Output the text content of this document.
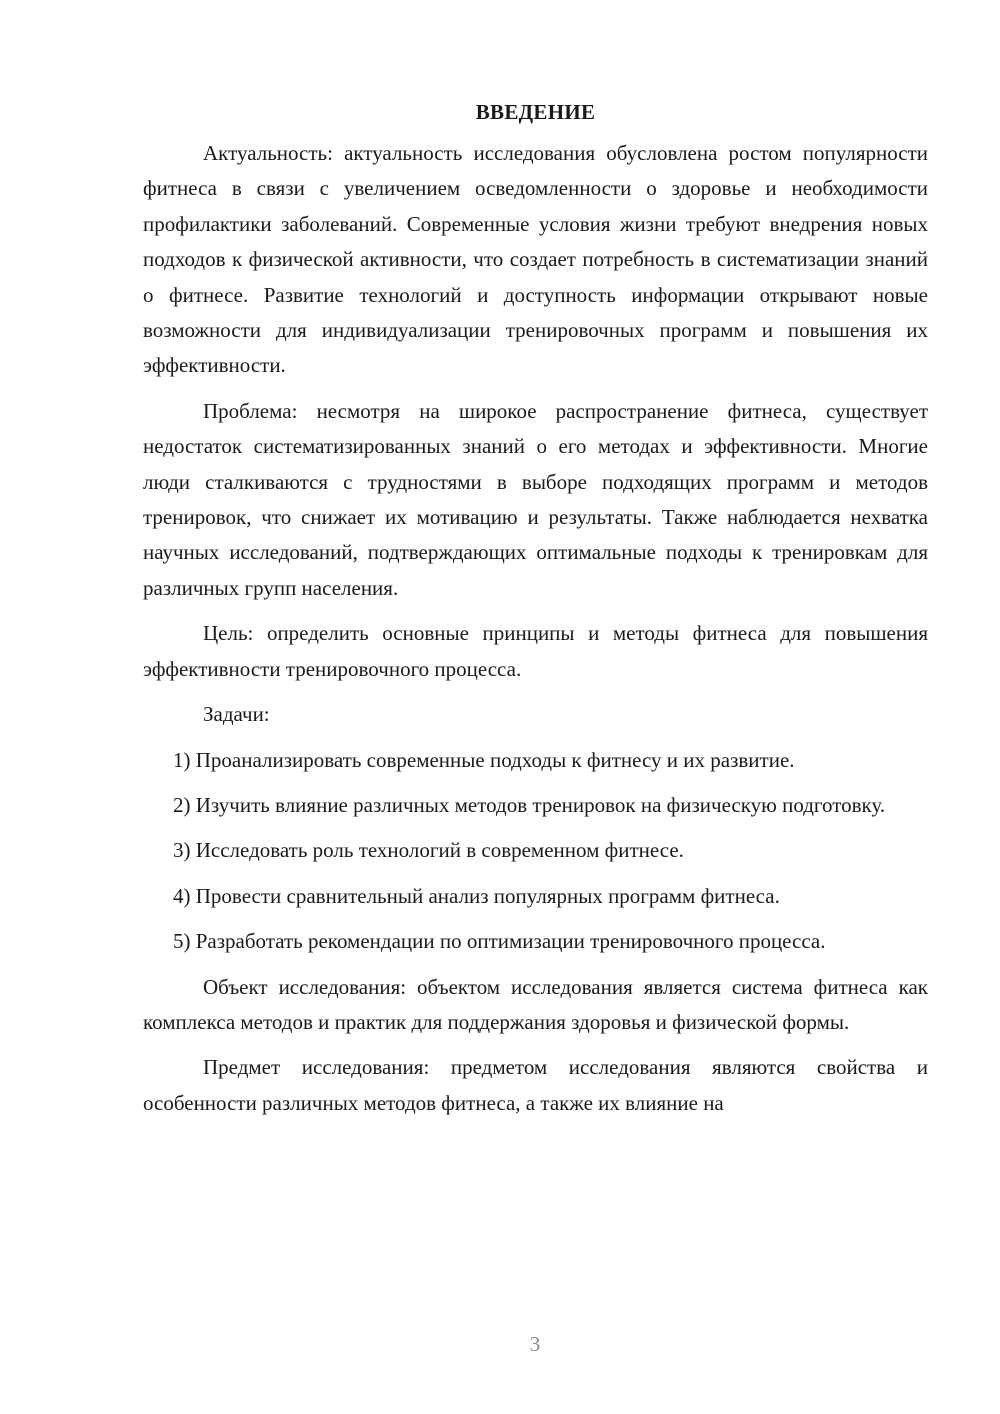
ВВЕДЕНИЕ

Актуальность: актуальность исследования обусловлена ростом популярности фитнеса в связи с увеличением осведомленности о здоровье и необходимости профилактики заболеваний. Современные условия жизни требуют внедрения новых подходов к физической активности, что создает потребность в систематизации знаний о фитнесе. Развитие технологий и доступность информации открывают новые возможности для индивидуализации тренировочных программ и повышения их эффективности.

Проблема: несмотря на широкое распространение фитнеса, существует недостаток систематизированных знаний о его методах и эффективности. Многие люди сталкиваются с трудностями в выборе подходящих программ и методов тренировок, что снижает их мотивацию и результаты. Также наблюдается нехватка научных исследований, подтверждающих оптимальные подходы к тренировкам для различных групп населения.

Цель: определить основные принципы и методы фитнеса для повышения эффективности тренировочного процесса.

Задачи:

1) Проанализировать современные подходы к фитнесу и их развитие.

2) Изучить влияние различных методов тренировок на физическую подготовку.

3) Исследовать роль технологий в современном фитнесе.

4) Провести сравнительный анализ популярных программ фитнеса.

5) Разработать рекомендации по оптимизации тренировочного процесса.

Объект исследования: объектом исследования является система фитнеса как комплекса методов и практик для поддержания здоровья и физической формы.

Предмет исследования: предметом исследования являются свойства и особенности различных методов фитнеса, а также их влияние на

3
